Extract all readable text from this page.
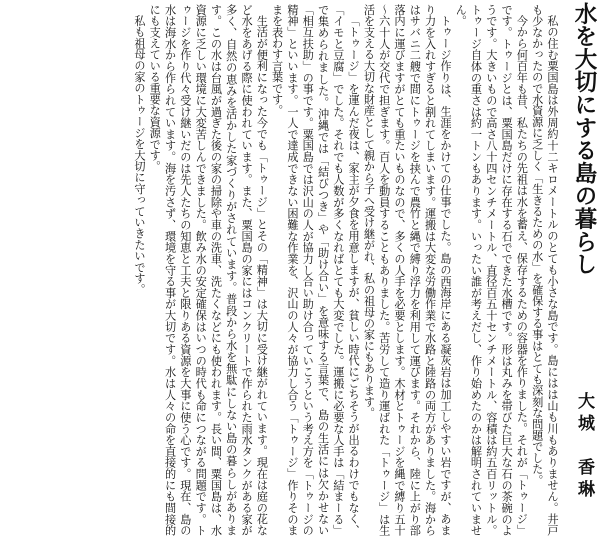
水を大切にする島の暮らし
大城　香琳

私の住む粟国島は外周約十二キロメートルのとても小さな島です。島にはは山も川もありません。井戸も少なかったので水資源に乏しく「生きるための水」を確保する事はとても深刻な問題でした。

今から何百年も昔、私たちの先祖は水を蓄え、保存するための容器を作りました。それが「トゥージ」です。トゥージとは、粟国島だけに存在する石でできた水槽です。形は丸みを帯びた巨大な石の茶碗のようです。大きいもので高さ八十四センチメートル、直径百五十センチメートル、容積は約五百リットル。トゥージ自体の重さは約一トンもあります。いったい誰が考えだし、作り始めたのかは解明されていません。

トゥージ作りは、生涯をかけての仕事でした。島の西海岸にある凝灰岩は加工しやすい岩ですが、あまり力を入れすぎると割れてしまいます。運搬は大変な労働作業で水路と陸路の両方がありました。海からはサバニ二艘で間にトゥージを挟んで農竹と縄で縛り浮力を利用して運びます。それから、陸に上がり部落内に運びますがとても重たいものなので、多くの人手を必要とします。木材とトゥージを縄で縛り五十～六十人が交代で担ぎます。百人を動員することもありました。苦労して造り運ばれた「トゥージ」は生活を支える大切な財産として親から子へ受け継がれ、私の祖母の家にもあります。

「トゥージ」を運んだ夜は、家主が夕食を用意しますが、貧しい時代にごちそうが出るわけでもなく、「イモと豆腐」でした。それでも人数が多くなればとても大変でした。運搬に必要な人手は「結まーる」で集められました。沖縄では「結びつき」や「助け合い」を意味する言葉で、島の生活には欠かせない「相互扶助」の事です。粟国島では沢山の人が協力し合い助け合っていこうという考え方を「トゥージの精神」といいます。一人で達成できない困難な作業を、沢山の人々が協力し合う「トゥージ」作りそのままを表わす言葉です。

生活が便利になった今でも「トゥージ」とその「精神」は大切に受け継がれています。現在は庭の花など水をあげる際に使われています。また、粟国島の家にはコンクリートで作られた雨水タンクがある家が多く、自然の恵みを活かした家づくりがされています。普段から水を無駄にしない島の暮らしがあります。この水は台風が過ぎた後の家の掃除や車の洗車、洗たくなどにも使われます。長い間、粟国島は、水資源に乏しい環境に大変苦しんできました。飲み水の安定確保はいつの時代も命につながる問題です。トゥージを作り代々受け継いだのは先人たちの知恵と工夫と限りある資源を大事に使う心です。現在、島の水は海水から作られています。海を汚さず、環境を守る事が大切です。水は人々の命を直接的にも間接的にも支えている重要な資源です。

私も祖母の家のトゥージを大切に守っていきたいです。
